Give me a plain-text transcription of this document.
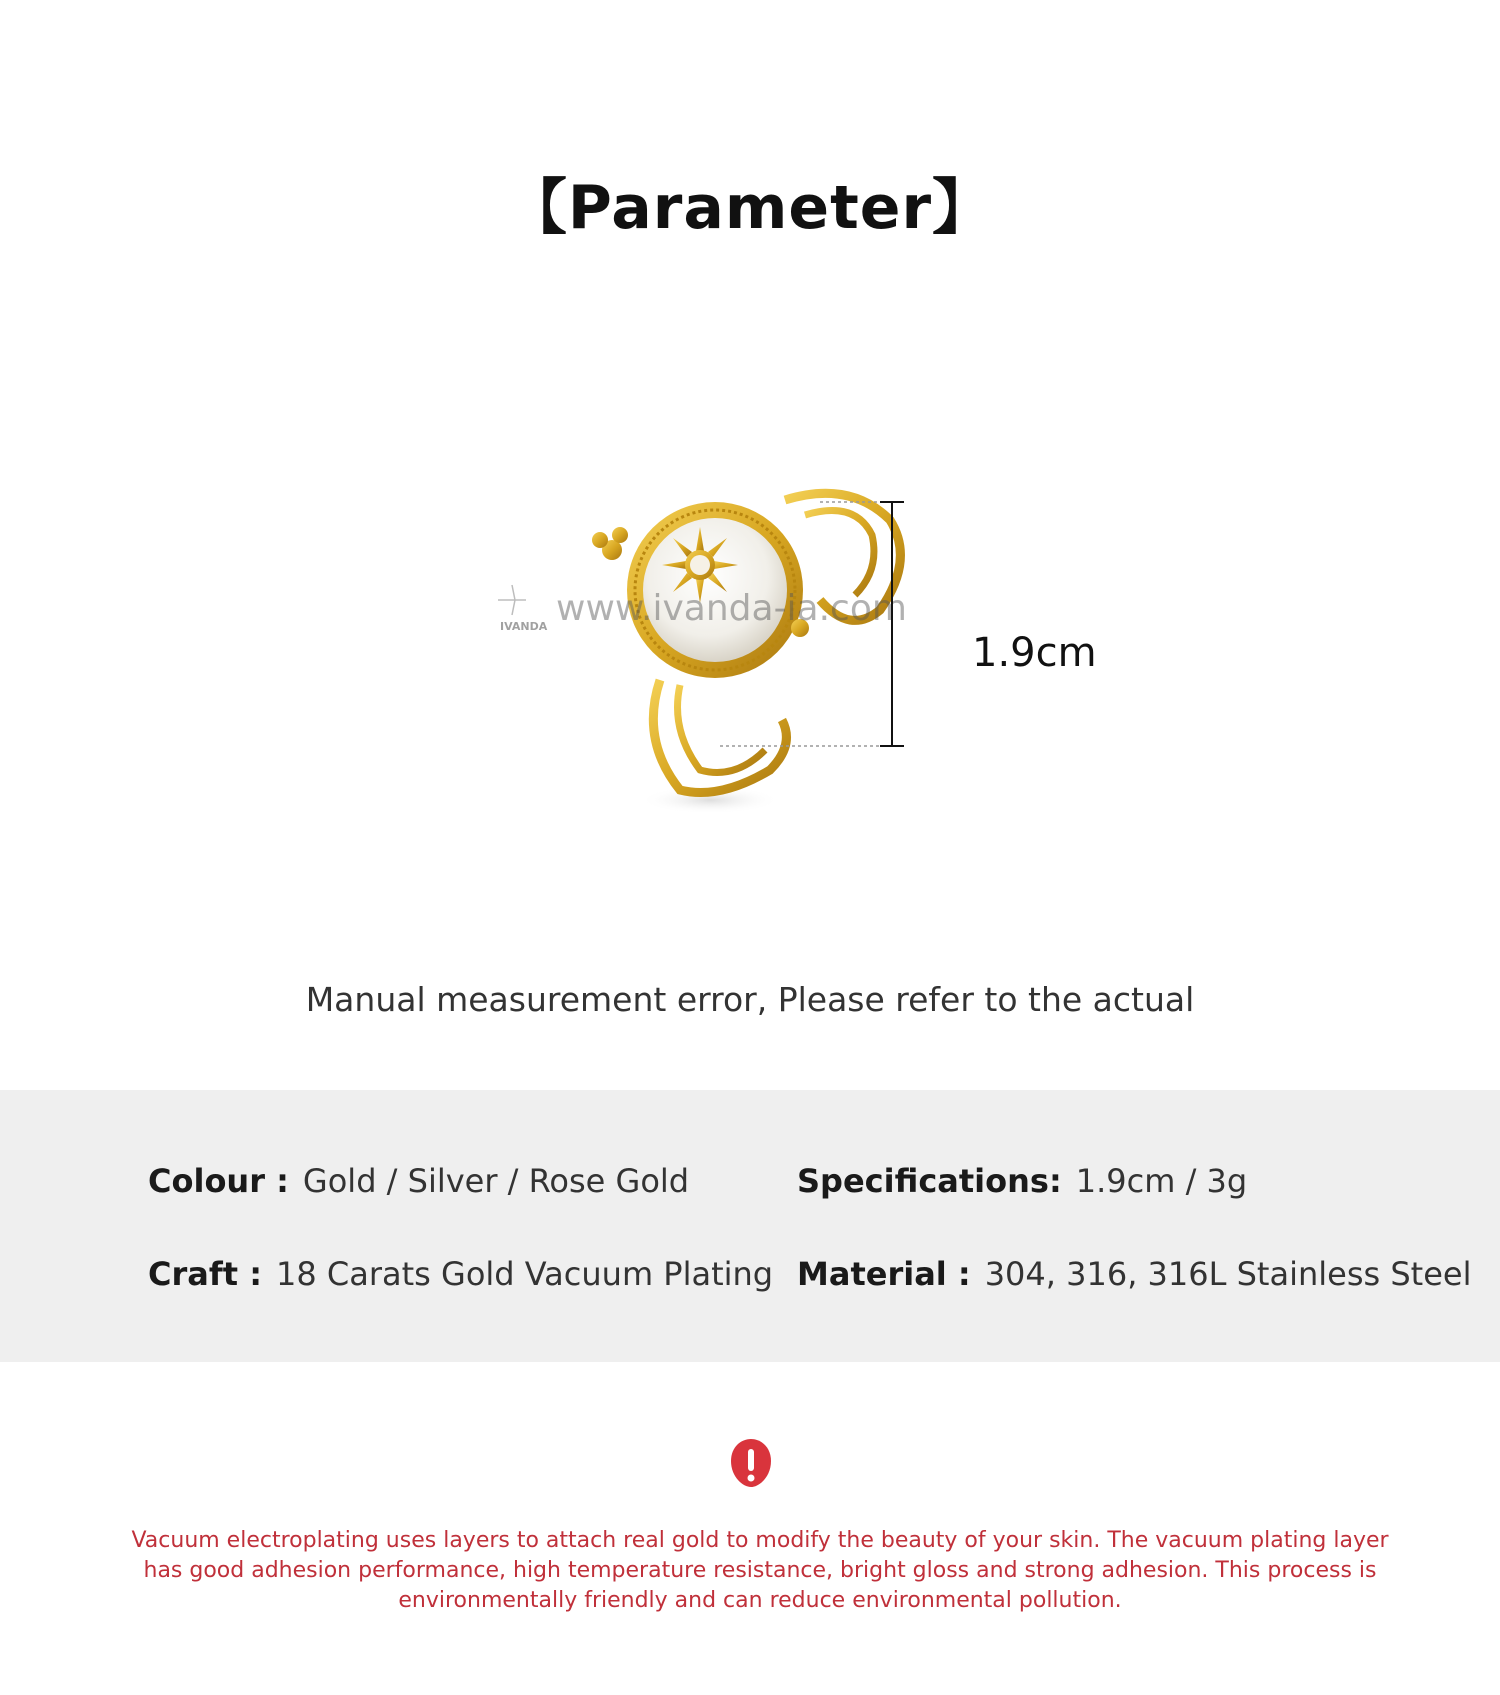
【Parameter】
IVANDA www.ivanda-ia.com
1.9cm
Manual measurement error, Please refer to the actual
Colour : Gold / Silver / Rose Gold	Specifications: 1.9cm / 3g
Craft : 18 Carats Gold Vacuum Plating Material : 304, 316, 316L Stainless Steel
Vacuum electroplating uses layers to attach real gold to modify the beauty of your skin. The vacuum plating layer has good adhesion performance, high temperature resistance, bright gloss and strong adhesion. This process is environmentally friendly and can reduce environmental pollution.
